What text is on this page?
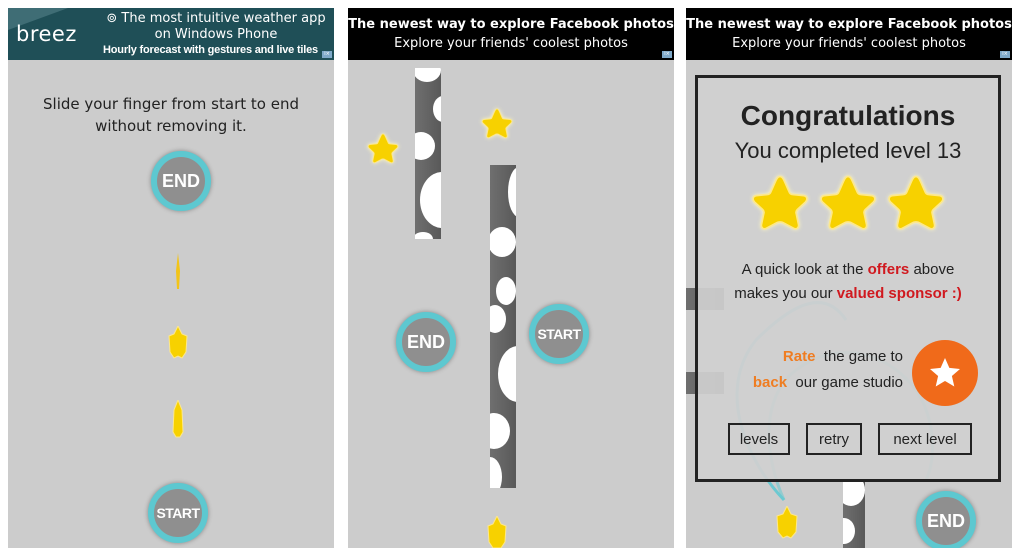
breez
⊚ The most intuitive weather app
on Windows Phone
Hourly forecast with gestures and live tiles	i×
Slide your finger from start to end
without removing it.
END
START
The newest way to explore Facebook photos
Explore your friends' coolest photos
i×
END	START
The newest way to explore Facebook photos
Explore your friends' coolest photos
i×
END
Congratulations
You completed level 13
A quick look at the offers above
makes you our valued sponsor :)
Rate  the game to
back  our game studio
levels	retry	next level
